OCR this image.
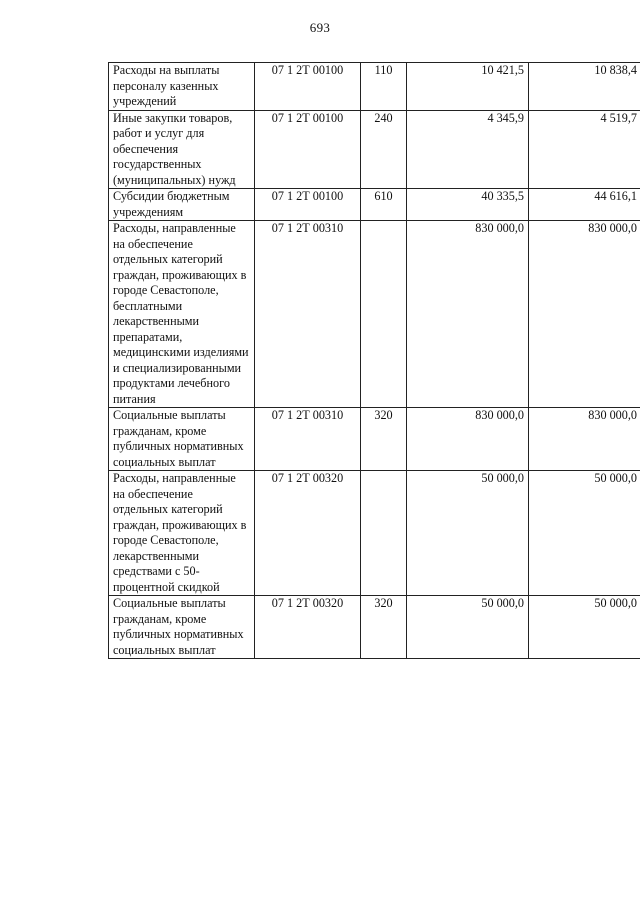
693
Расходы на выплаты персоналу казенных учреждений	07 1 2Т 00100	110	10 421,5	10 838,4
Иные закупки товаров, работ и услуг для обеспечения государственных (муниципальных) нужд	07 1 2Т 00100	240	4 345,9	4 519,7
Субсидии бюджетным учреждениям	07 1 2Т 00100	610	40 335,5	44 616,1
Расходы, направленные на обеспечение отдельных категорий граждан, проживающих в городе Севастополе, бесплатными лекарственными препаратами, медицинскими изделиями и специализированными продуктами лечебного питания	07 1 2Т 00310		830 000,0	830 000,0
Социальные выплаты гражданам, кроме публичных нормативных социальных выплат	07 1 2Т 00310	320	830 000,0	830 000,0
Расходы, направленные на обеспечение отдельных категорий граждан, проживающих в городе Севастополе, лекарственными средствами с 50-процентной скидкой	07 1 2Т 00320		50 000,0	50 000,0
Социальные выплаты гражданам, кроме публичных нормативных социальных выплат	07 1 2Т 00320	320	50 000,0	50 000,0
